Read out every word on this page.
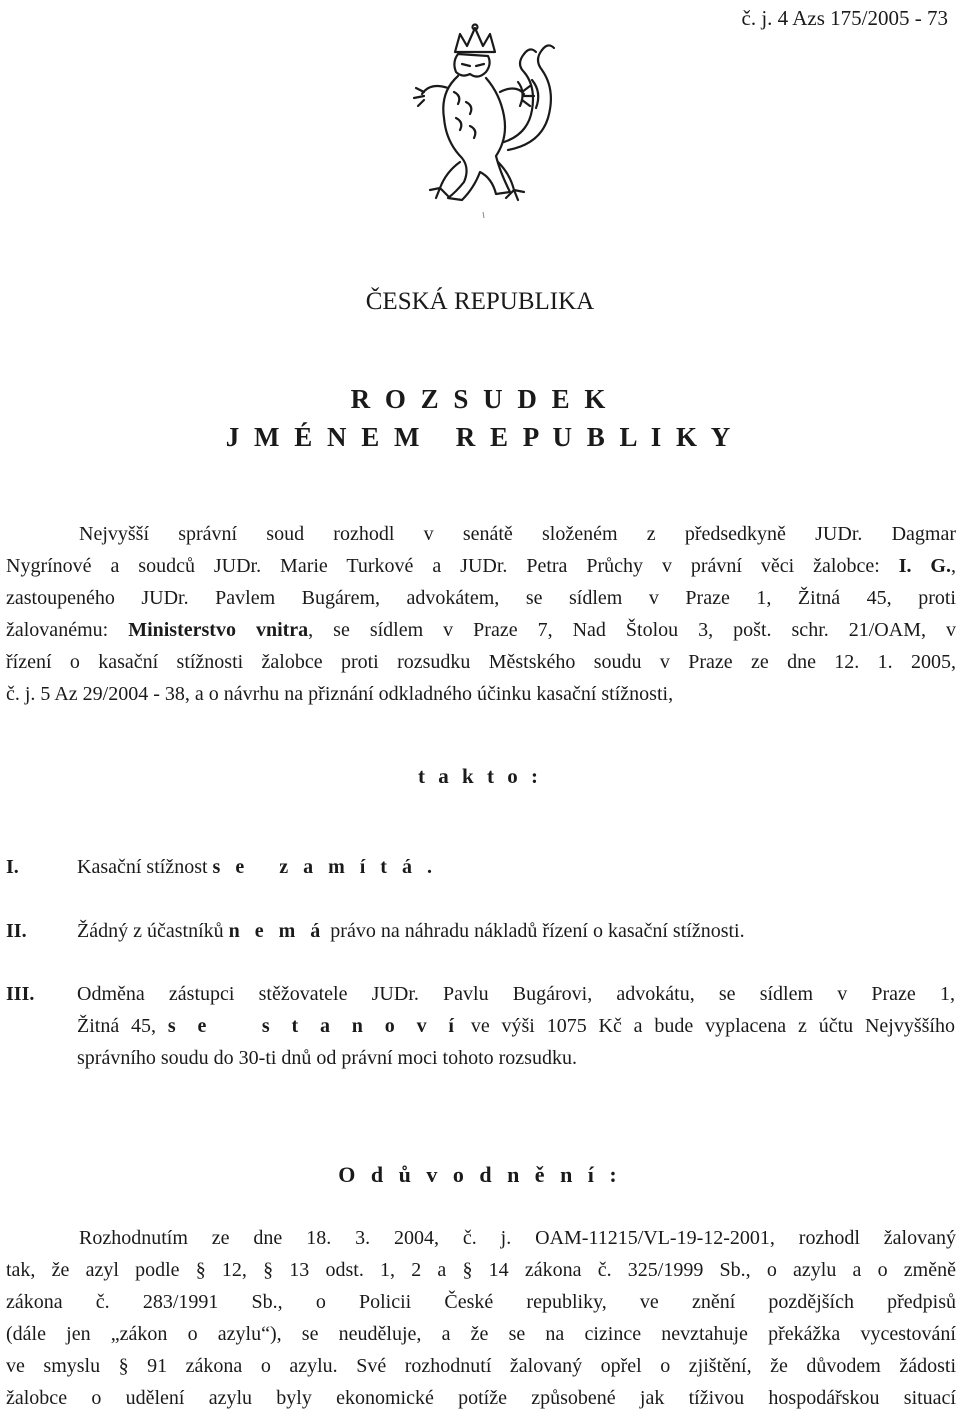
č. j. 4 Azs 175/2005 - 73
ČESKÁ REPUBLIKA
R O Z S U D E K
J M É N E M   R E P U B L I K Y
Nejvyšší správní soud rozhodl v senátě složeném z předsedkyně JUDr. Dagmar
Nygrínové a soudců JUDr. Marie Turkové a JUDr. Petra Průchy v právní věci žalobce: I. G.,
zastoupeného JUDr. Pavlem Bugárem, advokátem, se sídlem v Praze 1, Žitná 45, proti
žalovanému: Ministerstvo vnitra, se sídlem v Praze 7, Nad Štolou 3, pošt. schr. 21/OAM, v
řízení o kasační stížnosti žalobce proti rozsudku Městského soudu v Praze ze dne 12. 1. 2005,
č. j. 5 Az 29/2004 - 38, a o návrhu na přiznání odkladného účinku kasační stížnosti,
t a k t o :
I.	Kasační stížnost s e   z a m í t á .
II.	Žádný z účastníků n e m á právo na náhradu nákladů řízení o kasační stížnosti.
III. Odměna zástupci stěžovatele JUDr. Pavlu Bugárovi, advokátu, se sídlem v Praze 1,
Žitná 45, s e   s t a n o v í ve výši 1075 Kč a bude vyplacena z účtu Nejvyššího
správního soudu do 30-ti dnů od právní moci tohoto rozsudku.
O d ů v o d n ě n í :
Rozhodnutím ze dne 18. 3. 2004, č. j. OAM-11215/VL-19-12-2001, rozhodl žalovaný
tak, že azyl podle § 12, § 13 odst. 1, 2 a § 14 zákona č. 325/1999 Sb., o azylu a o změně
zákona č. 283/1991 Sb., o Policii České republiky, ve znění pozdějších předpisů
(dále jen „zákon o azylu“), se neuděluje, a že se na cizince nevztahuje překážka vycestování
ve smyslu § 91 zákona o azylu. Své rozhodnutí žalovaný opřel o zjištění, že důvodem žádosti
žalobce o udělení azylu byly ekonomické potíže způsobené jak tíživou hospodářskou situací
